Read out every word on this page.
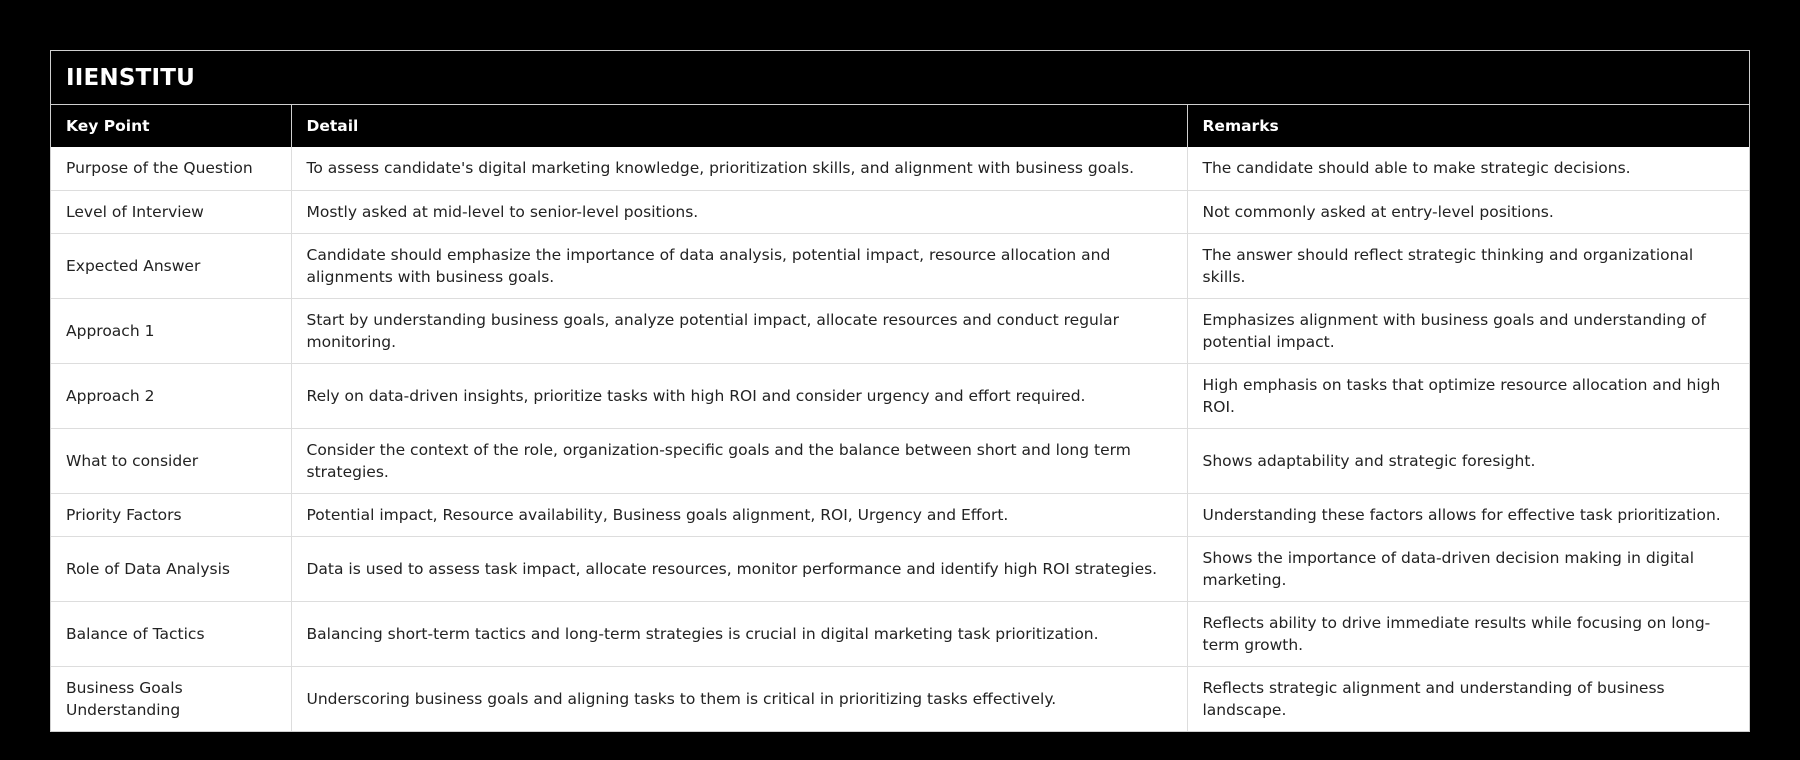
IIENSTITU
Key Point	Detail	Remarks
Purpose of the Question	To assess candidate's digital marketing knowledge, prioritization skills, and alignment with business goals.	The candidate should able to make strategic decisions.
Level of Interview	Mostly asked at mid-level to senior-level positions.	Not commonly asked at entry-level positions.
Expected Answer	Candidate should emphasize the importance of data analysis, potential impact, resource allocation and alignments with business goals.	The answer should reflect strategic thinking and organizational skills.
Approach 1	Start by understanding business goals, analyze potential impact, allocate resources and conduct regular monitoring.	Emphasizes alignment with business goals and understanding of potential impact.
Approach 2	Rely on data-driven insights, prioritize tasks with high ROI and consider urgency and effort required.	High emphasis on tasks that optimize resource allocation and high ROI.
What to consider	Consider the context of the role, organization-specific goals and the balance between short and long term strategies.	Shows adaptability and strategic foresight.
Priority Factors	Potential impact, Resource availability, Business goals alignment, ROI, Urgency and Effort.	Understanding these factors allows for effective task prioritization.
Role of Data Analysis	Data is used to assess task impact, allocate resources, monitor performance and identify high ROI strategies.	Shows the importance of data-driven decision making in digital marketing.
Balance of Tactics	Balancing short-term tactics and long-term strategies is crucial in digital marketing task prioritization.	Reflects ability to drive immediate results while focusing on long-term growth.
Business Goals Understanding	Underscoring business goals and aligning tasks to them is critical in prioritizing tasks effectively.	Reflects strategic alignment and understanding of business landscape.
